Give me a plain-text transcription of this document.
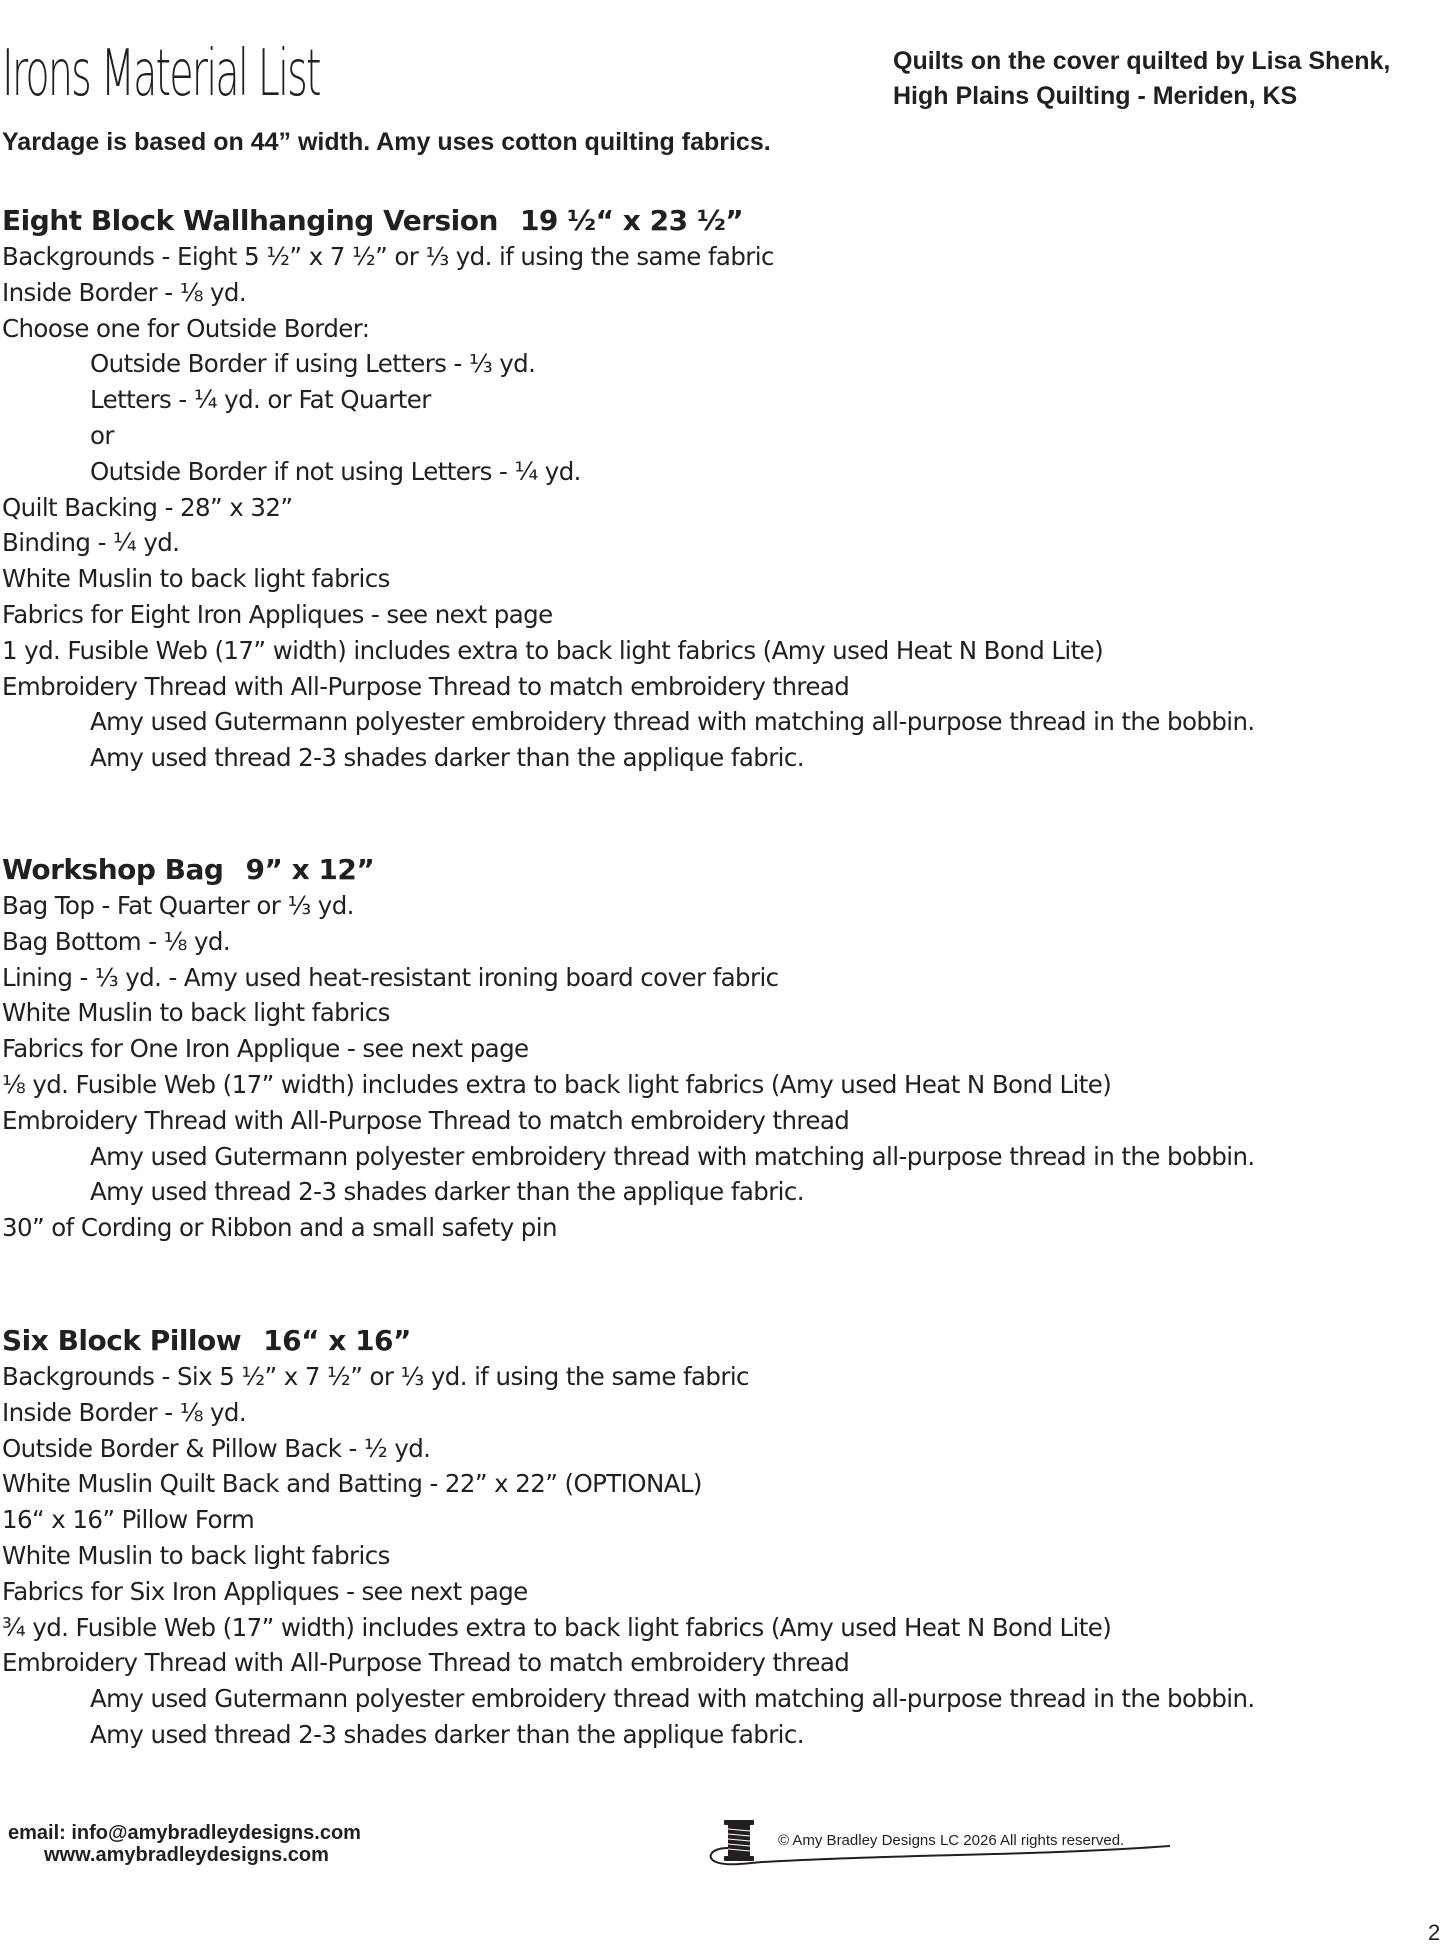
Irons Material List	Quilts on the cover quilted by Lisa Shenk,
High Plains Quilting - Meriden, KS
Yardage is based on 44” width. Amy uses cotton quilting fabrics.
Eight Block Wallhanging Version 19 ½“ x 23 ½”
Backgrounds - Eight 5 ½” x 7 ½” or ⅓ yd. if using the same fabric
Inside Border - ⅛ yd.
Choose one for Outside Border:
Outside Border if using Letters - ⅓ yd.
Letters - ¼ yd. or Fat Quarter
or
Outside Border if not using Letters - ¼ yd.
Quilt Backing - 28” x 32”
Binding - ¼ yd.
White Muslin to back light fabrics
Fabrics for Eight Iron Appliques - see next page
1 yd. Fusible Web (17” width) includes extra to back light fabrics (Amy used Heat N Bond Lite)
Embroidery Thread with All-Purpose Thread to match embroidery thread
Amy used Gutermann polyester embroidery thread with matching all-purpose thread in the bobbin.
Amy used thread 2-3 shades darker than the applique fabric.
Workshop Bag 9” x 12”
Bag Top - Fat Quarter or ⅓ yd.
Bag Bottom - ⅛ yd.
Lining - ⅓ yd. - Amy used heat-resistant ironing board cover fabric
White Muslin to back light fabrics
Fabrics for One Iron Applique - see next page
⅛ yd. Fusible Web (17” width) includes extra to back light fabrics (Amy used Heat N Bond Lite)
Embroidery Thread with All-Purpose Thread to match embroidery thread
Amy used Gutermann polyester embroidery thread with matching all-purpose thread in the bobbin.
Amy used thread 2-3 shades darker than the applique fabric.
30” of Cording or Ribbon and a small safety pin
Six Block Pillow 16“ x 16”
Backgrounds - Six 5 ½” x 7 ½” or ⅓ yd. if using the same fabric
Inside Border - ⅛ yd.
Outside Border & Pillow Back - ½ yd.
White Muslin Quilt Back and Batting - 22” x 22” (OPTIONAL)
16“ x 16” Pillow Form
White Muslin to back light fabrics
Fabrics for Six Iron Appliques - see next page
¾ yd. Fusible Web (17” width) includes extra to back light fabrics (Amy used Heat N Bond Lite)
Embroidery Thread with All-Purpose Thread to match embroidery thread
Amy used Gutermann polyester embroidery thread with matching all-purpose thread in the bobbin.
Amy used thread 2-3 shades darker than the applique fabric.
email: info@amybradleydesigns.com
www.amybradleydesigns.com
© Amy Bradley Designs LC 2026 All rights reserved.
2
